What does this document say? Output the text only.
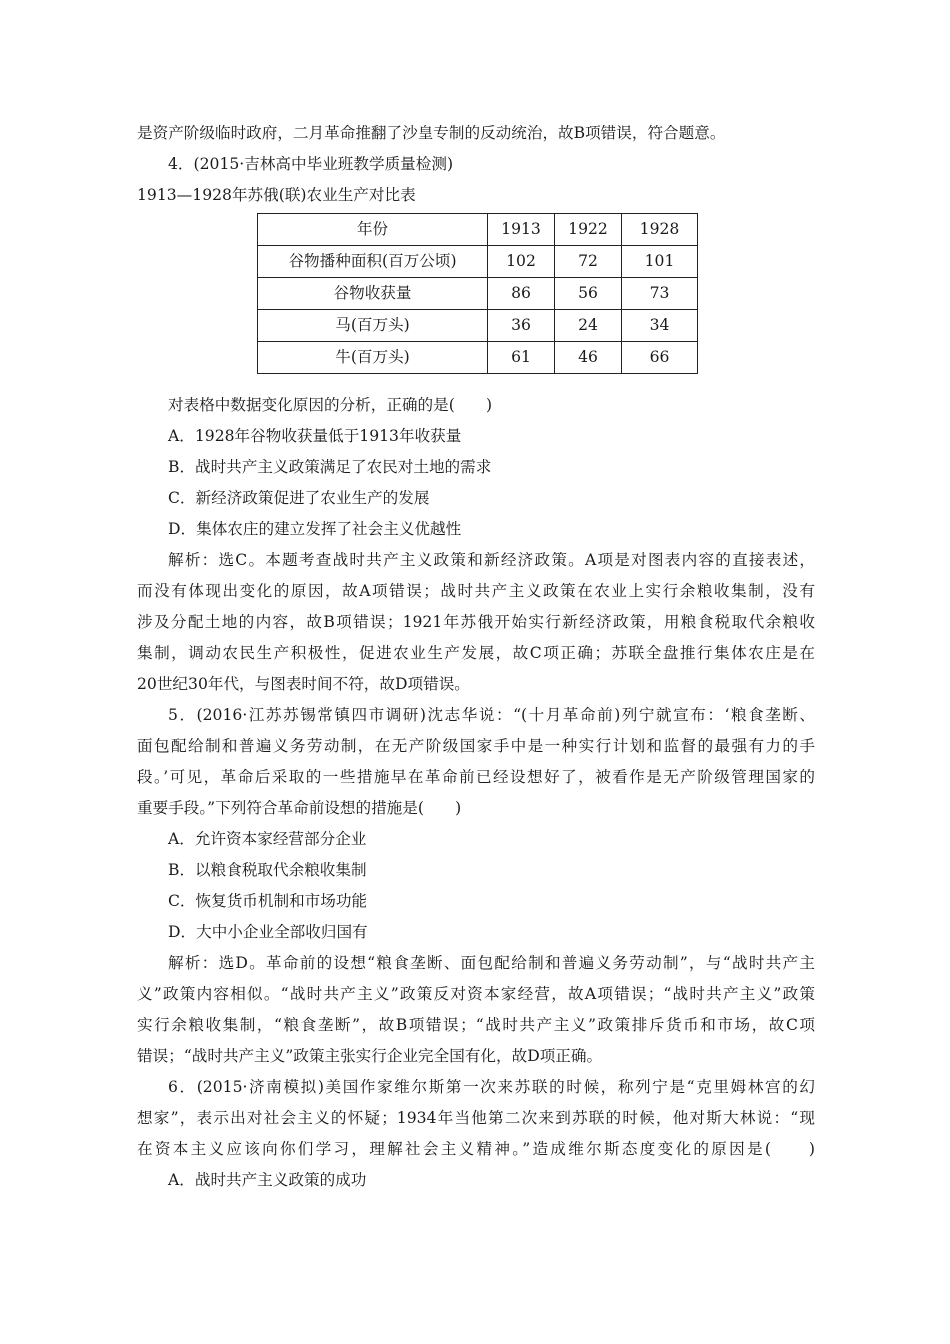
是资产阶级临时政府，二月革命推翻了沙皇专制的反动统治，故B项错误，符合题意。
4．(2015·吉林高中毕业班教学质量检测)
1913—1928年苏俄(联)农业生产对比表
年份	1913	1922	1928
谷物播种面积(百万公顷)	102	72	101
谷物收获量	86	56	73
马(百万头)	36	24	34
牛(百万头)	61	46	66
对表格中数据变化原因的分析，正确的是(　　)
A．1928年谷物收获量低于1913年收获量
B．战时共产主义政策满足了农民对土地的需求
C．新经济政策促进了农业生产的发展
D．集体农庄的建立发挥了社会主义优越性
解析：选C。本题考查战时共产主义政策和新经济政策。A项是对图表内容的直接表述，
而没有体现出变化的原因，故A项错误；战时共产主义政策在农业上实行余粮收集制，没有
涉及分配土地的内容，故B项错误；1921年苏俄开始实行新经济政策，用粮食税取代余粮收
集制，调动农民生产积极性，促进农业生产发展，故C项正确；苏联全盘推行集体农庄是在
20世纪30年代，与图表时间不符，故D项错误。
5．(2016·江苏苏锡常镇四市调研)沈志华说：“(十月革命前)列宁就宣布：‘粮食垄断、
面包配给制和普遍义务劳动制，在无产阶级国家手中是一种实行计划和监督的最强有力的手
段。’可见，革命后采取的一些措施早在革命前已经设想好了，被看作是无产阶级管理国家的
重要手段。”下列符合革命前设想的措施是(　　)
A．允许资本家经营部分企业
B．以粮食税取代余粮收集制
C．恢复货币机制和市场功能
D．大中小企业全部收归国有
解析：选D。革命前的设想“粮食垄断、面包配给制和普遍义务劳动制”，与“战时共产主
义”政策内容相似。“战时共产主义”政策反对资本家经营，故A项错误；“战时共产主义”政策
实行余粮收集制，“粮食垄断”，故B项错误；“战时共产主义”政策排斥货币和市场，故C项
错误；“战时共产主义”政策主张实行企业完全国有化，故D项正确。
6．(2015·济南模拟)美国作家维尔斯第一次来苏联的时候，称列宁是“克里姆林宫的幻
想家”，表示出对社会主义的怀疑；1934年当他第二次来到苏联的时候，他对斯大林说：“现
在资本主义应该向你们学习，理解社会主义精神。”造成维尔斯态度变化的原因是(　　)
A．战时共产主义政策的成功
